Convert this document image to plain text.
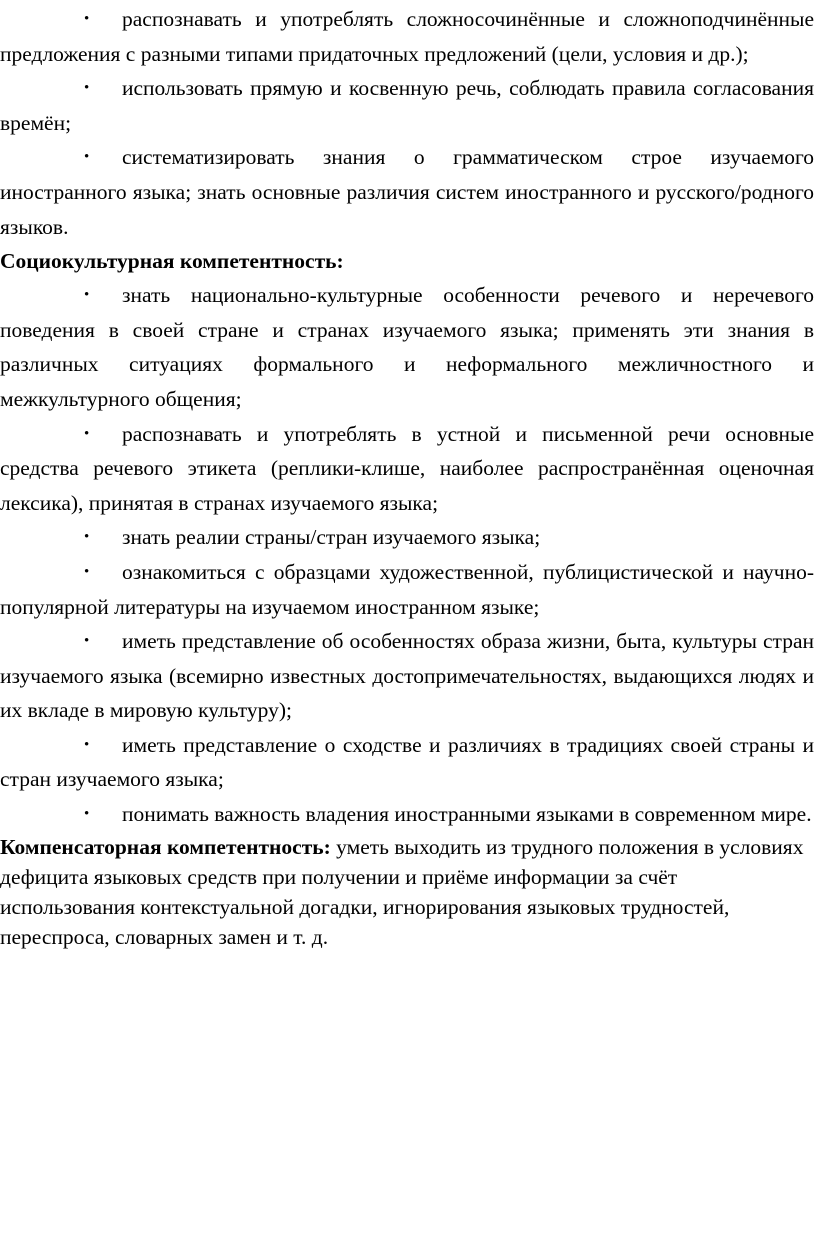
• распознавать и употреблять сложносочинённые и сложноподчинённые предложения с разными типами придаточных предложений (цели, условия и др.);
• использовать прямую и косвенную речь, соблюдать правила согласования времён;
• систематизировать знания о грамматическом строе изучаемого иностранного языка; знать основные различия систем иностранного и русского/родного языков.
Социокультурная компетентность:
• знать национально-культурные особенности речевого и неречевого поведения в своей стране и странах изучаемого языка; применять эти знания в различных ситуациях формального и неформального межличностного и межкультурного общения;
• распознавать и употреблять в устной и письменной речи основные средства речевого этикета (реплики-клише, наиболее распространённая оценочная лексика), принятая в странах изучаемого языка;
• знать реалии страны/стран изучаемого языка;
• ознакомиться с образцами художественной, публицистической и научно-популярной литературы на изучаемом иностранном языке;
• иметь представление об особенностях образа жизни, быта, культуры стран изучаемого языка (всемирно известных достопримечательностях, выдающихся людях и их вкладе в мировую культуру);
• иметь представление о сходстве и различиях в традициях своей страны и стран изучаемого языка;
• понимать важность владения иностранными языками в современном мире.
Компенсаторная компетентность: уметь выходить из трудного положения в условиях дефицита языковых средств при получении и приёме информации за счёт использования контекстуальной догадки, игнорирования языковых трудностей, переспроса, словарных замен и т. д.
